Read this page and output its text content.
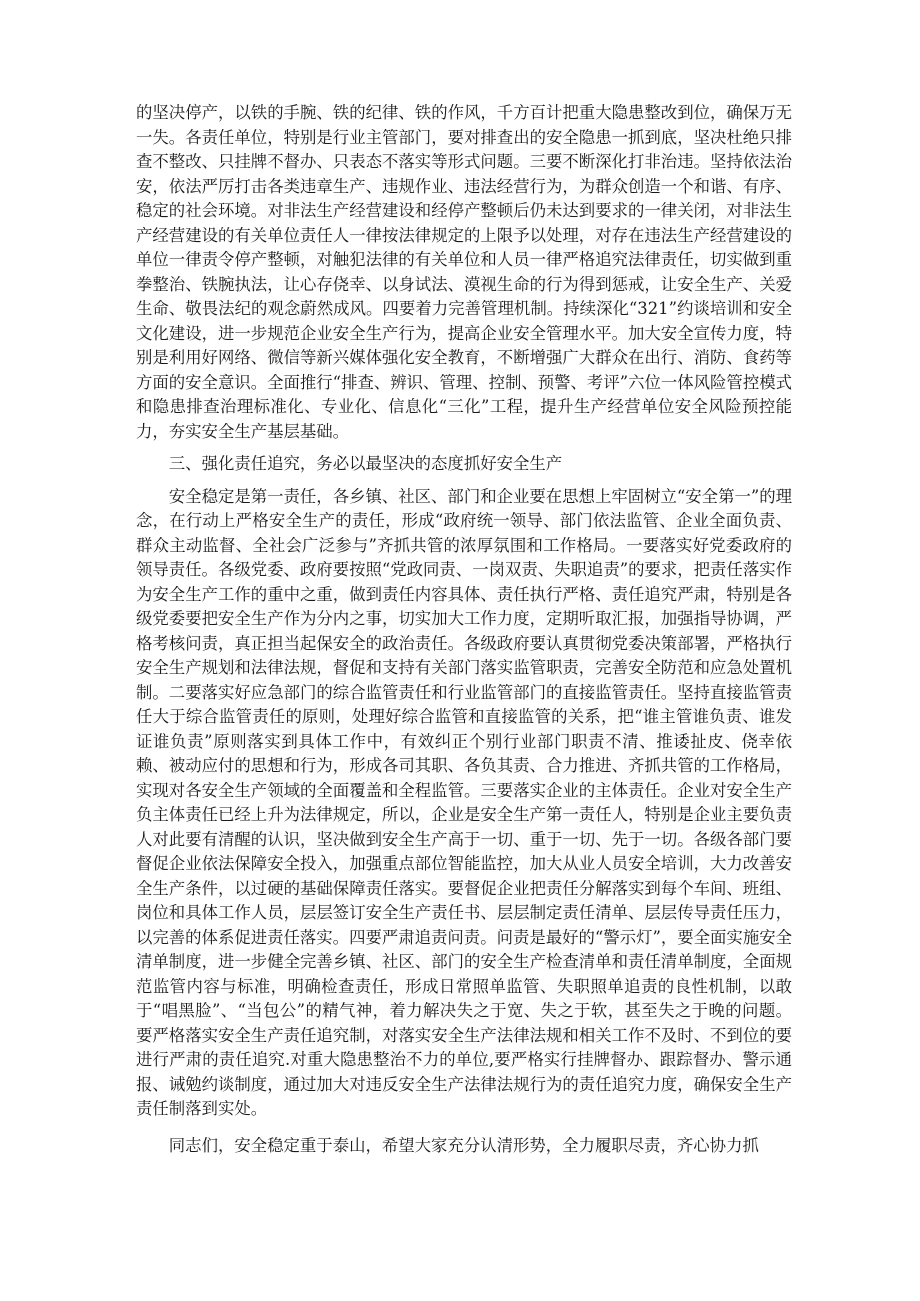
的坚决停产，以铁的手腕、铁的纪律、铁的作风，千方百计把重大隐患整改到位，确保万无一失。各责任单位，特别是行业主管部门，要对排查出的安全隐患一抓到底，坚决杜绝只排查不整改、只挂牌不督办、只表态不落实等形式问题。三要不断深化打非治违。坚持依法治安，依法严厉打击各类违章生产、违规作业、违法经营行为，为群众创造一个和谐、有序、稳定的社会环境。对非法生产经营建设和经停产整顿后仍未达到要求的一律关闭，对非法生产经营建设的有关单位责任人一律按法律规定的上限予以处理，对存在违法生产经营建设的单位一律责令停产整顿，对触犯法律的有关单位和人员一律严格追究法律责任，切实做到重拳整治、铁腕执法，让心存侥幸、以身试法、漠视生命的行为得到惩戒，让安全生产、关爱生命、敬畏法纪的观念蔚然成风。四要着力完善管理机制。持续深化“321”约谈培训和安全文化建设，进一步规范企业安全生产行为，提高企业安全管理水平。加大安全宣传力度，特别是利用好网络、微信等新兴媒体强化安全教育，不断增强广大群众在出行、消防、食药等方面的安全意识。全面推行“排查、辨识、管理、控制、预警、考评”六位一体风险管控模式和隐患排查治理标准化、专业化、信息化“三化”工程，提升生产经营单位安全风险预控能力，夯实安全生产基层基础。

三、强化责任追究，务必以最坚决的态度抓好安全生产

安全稳定是第一责任，各乡镇、社区、部门和企业要在思想上牢固树立“安全第一”的理念，在行动上严格安全生产的责任，形成“政府统一领导、部门依法监管、企业全面负责、群众主动监督、全社会广泛参与”齐抓共管的浓厚氛围和工作格局。一要落实好党委政府的领导责任。各级党委、政府要按照“党政同责、一岗双责、失职追责”的要求，把责任落实作为安全生产工作的重中之重，做到责任内容具体、责任执行严格、责任追究严肃，特别是各级党委要把安全生产作为分内之事，切实加大工作力度，定期听取汇报，加强指导协调，严格考核问责，真正担当起保安全的政治责任。各级政府要认真贯彻党委决策部署，严格执行安全生产规划和法律法规，督促和支持有关部门落实监管职责，完善安全防范和应急处置机制。二要落实好应急部门的综合监管责任和行业监管部门的直接监管责任。坚持直接监管责任大于综合监管责任的原则，处理好综合监管和直接监管的关系，把“谁主管谁负责、谁发证谁负责”原则落实到具体工作中，有效纠正个别行业部门职责不清、推诿扯皮、侥幸依赖、被动应付的思想和行为，形成各司其职、各负其责、合力推进、齐抓共管的工作格局，实现对各安全生产领域的全面覆盖和全程监管。三要落实企业的主体责任。企业对安全生产负主体责任已经上升为法律规定，所以，企业是安全生产第一责任人，特别是企业主要负责人对此要有清醒的认识，坚决做到安全生产高于一切、重于一切、先于一切。各级各部门要督促企业依法保障安全投入，加强重点部位智能监控，加大从业人员安全培训，大力改善安全生产条件，以过硬的基础保障责任落实。要督促企业把责任分解落实到每个车间、班组、岗位和具体工作人员，层层签订安全生产责任书、层层制定责任清单、层层传导责任压力，以完善的体系促进责任落实。四要严肃追责问责。问责是最好的“警示灯”，要全面实施安全清单制度，进一步健全完善乡镇、社区、部门的安全生产检查清单和责任清单制度，全面规范监管内容与标准，明确检查责任，形成日常照单监管、失职照单追责的良性机制，以敢于“唱黑脸”、“当包公”的精气神，着力解决失之于宽、失之于软，甚至失之于晚的问题。要严格落实安全生产责任追究制，对落实安全生产法律法规和相关工作不及时、不到位的要进行严肃的责任追究.对重大隐患整治不力的单位,要严格实行挂牌督办、跟踪督办、警示通报、诫勉约谈制度，通过加大对违反安全生产法律法规行为的责任追究力度，确保安全生产责任制落到实处。

同志们，安全稳定重于泰山，希望大家充分认清形势，全力履职尽责，齐心协力抓
